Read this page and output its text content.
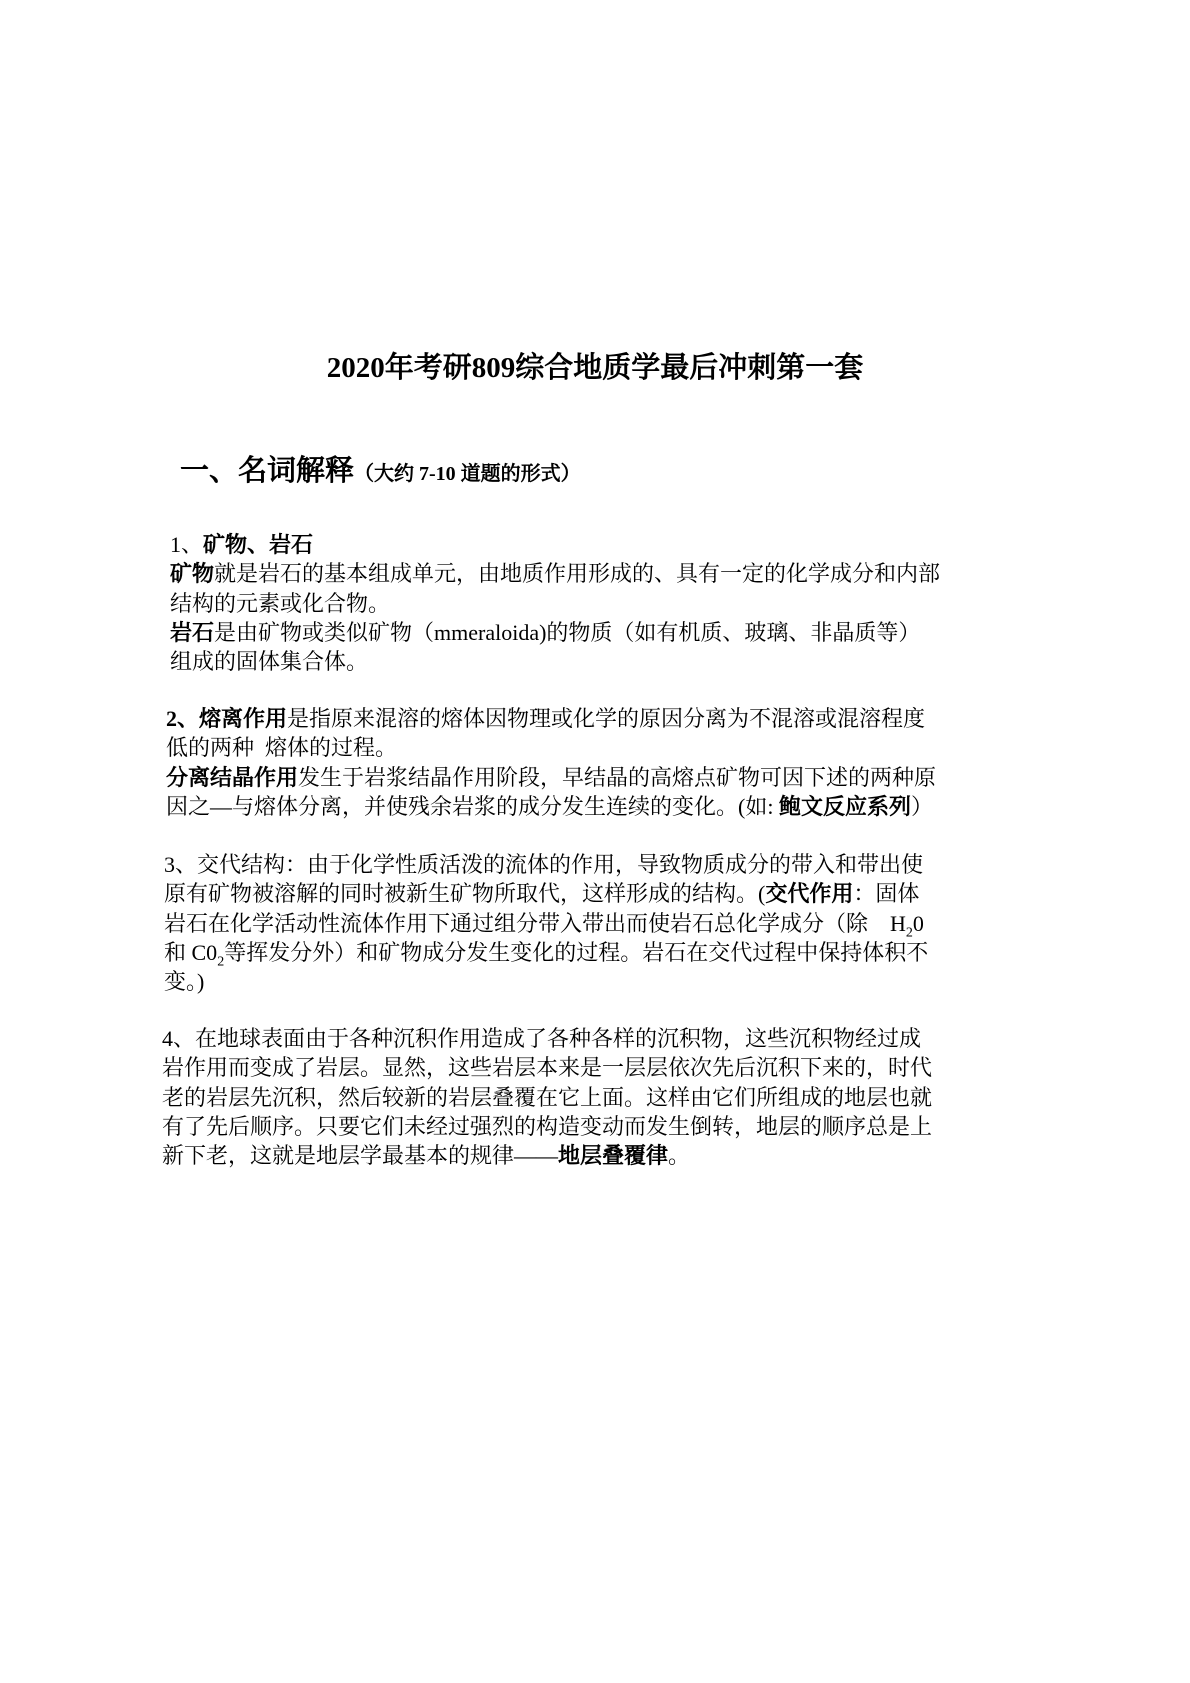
2020年考研809综合地质学最后冲刺第一套
一、名词解释（大约 7-10 道题的形式）
1、矿物、岩石
矿物就是岩石的基本组成单元，由地质作用形成的、具有一定的化学成分和内部
结构的元素或化合物。
岩石是由矿物或类似矿物（mmeraloida)的物质（如有机质、玻璃、非晶质等）
组成的固体集合体。
2、熔离作用是指原来混溶的熔体因物理或化学的原因分离为不混溶或混溶程度
低的两种  熔体的过程。
分离结晶作用发生于岩浆结晶作用阶段，早结晶的高熔点矿物可因下述的两种原
因之—与熔体分离，并使残余岩浆的成分发生连续的变化。(如: 鲍文反应系列）
3、交代结构：由于化学性质活泼的流体的作用，导致物质成分的带入和带出使
原有矿物被溶解的同时被新生矿物所取代，这样形成的结构。(交代作用：固体
岩石在化学活动性流体作用下通过组分带入带出而使岩石总化学成分（除    $H_20$
和 $C0_2$等挥发分外）和矿物成分发生变化的过程。岩石在交代过程中保持体积不
变。)
4、在地球表面由于各种沉积作用造成了各种各样的沉积物，这些沉积物经过成
岩作用而变成了岩层。显然，这些岩层本来是一层层依次先后沉积下来的，时代
老的岩层先沉积，然后较新的岩层叠覆在它上面。这样由它们所组成的地层也就
有了先后顺序。只要它们未经过强烈的构造变动而发生倒转，地层的顺序总是上
新下老，这就是地层学最基本的规律——地层叠覆律。
